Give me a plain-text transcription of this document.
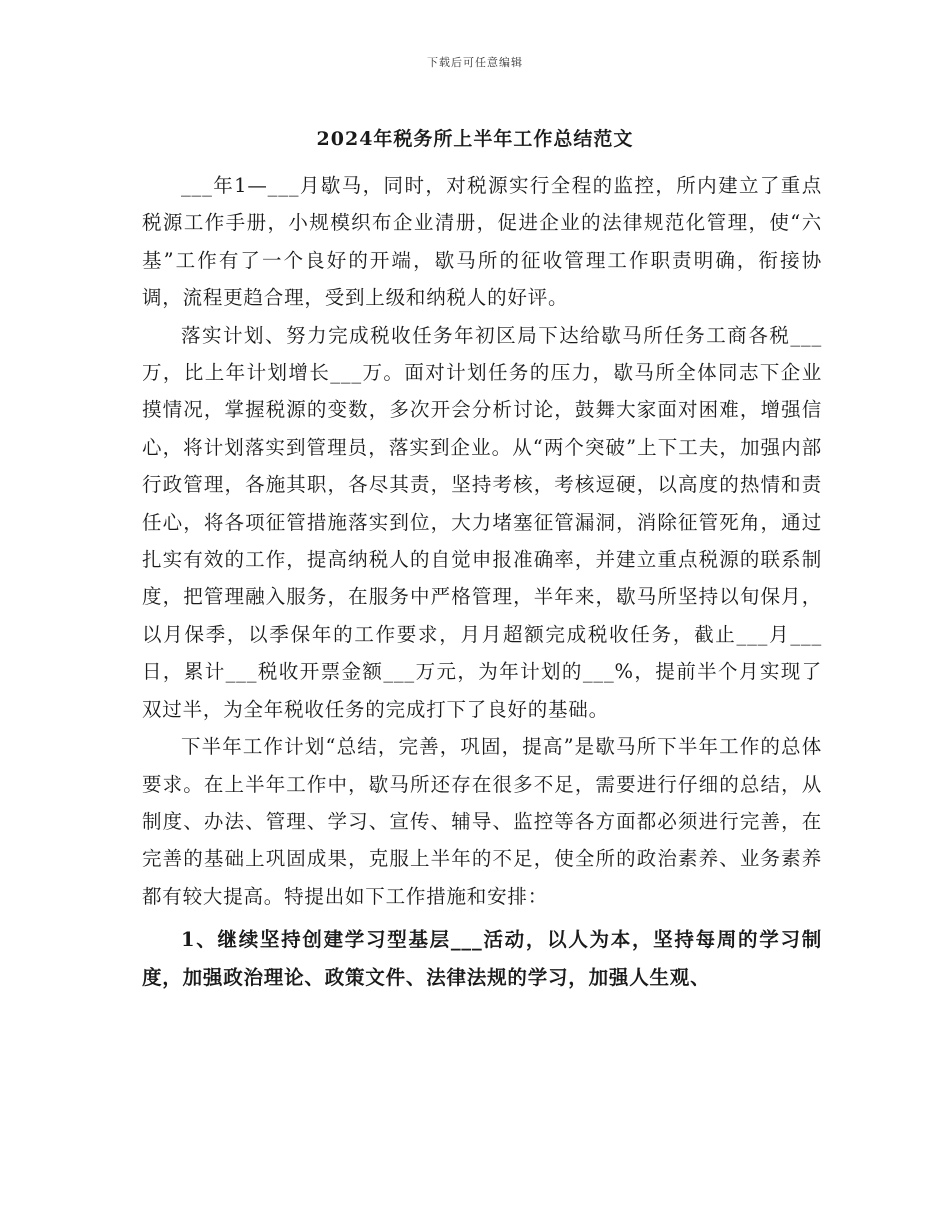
下载后可任意编辑
2024年税务所上半年工作总结范文

___年1—___月歇马，同时，对税源实行全程的监控，所内建立了重点税源工作手册，小规模织布企业清册，促进企业的法律规范化管理，使“六基”工作有了一个良好的开端，歇马所的征收管理工作职责明确，衔接协调，流程更趋合理，受到上级和纳税人的好评。

落实计划、努力完成税收任务年初区局下达给歇马所任务工商各税___万，比上年计划增长___万。面对计划任务的压力，歇马所全体同志下企业摸情况，掌握税源的变数，多次开会分析讨论，鼓舞大家面对困难，增强信心，将计划落实到管理员，落实到企业。从“两个突破”上下工夫，加强内部行政管理，各施其职，各尽其责，坚持考核，考核逗硬，以高度的热情和责任心，将各项征管措施落实到位，大力堵塞征管漏洞，消除征管死角，通过扎实有效的工作，提高纳税人的自觉申报准确率，并建立重点税源的联系制度，把管理融入服务，在服务中严格管理，半年来，歇马所坚持以旬保月，以月保季，以季保年的工作要求，月月超额完成税收任务，截止___月___日，累计___税收开票金额___万元，为年计划的___%，提前半个月实现了双过半，为全年税收任务的完成打下了良好的基础。

下半年工作计划“总结，完善，巩固，提高”是歇马所下半年工作的总体要求。在上半年工作中，歇马所还存在很多不足，需要进行仔细的总结，从制度、办法、管理、学习、宣传、辅导、监控等各方面都必须进行完善，在完善的基础上巩固成果，克服上半年的不足，使全所的政治素养、业务素养都有较大提高。特提出如下工作措施和安排：

1、继续坚持创建学习型基层___活动，以人为本，坚持每周的学习制度，加强政治理论、政策文件、法律法规的学习，加强人生观、
